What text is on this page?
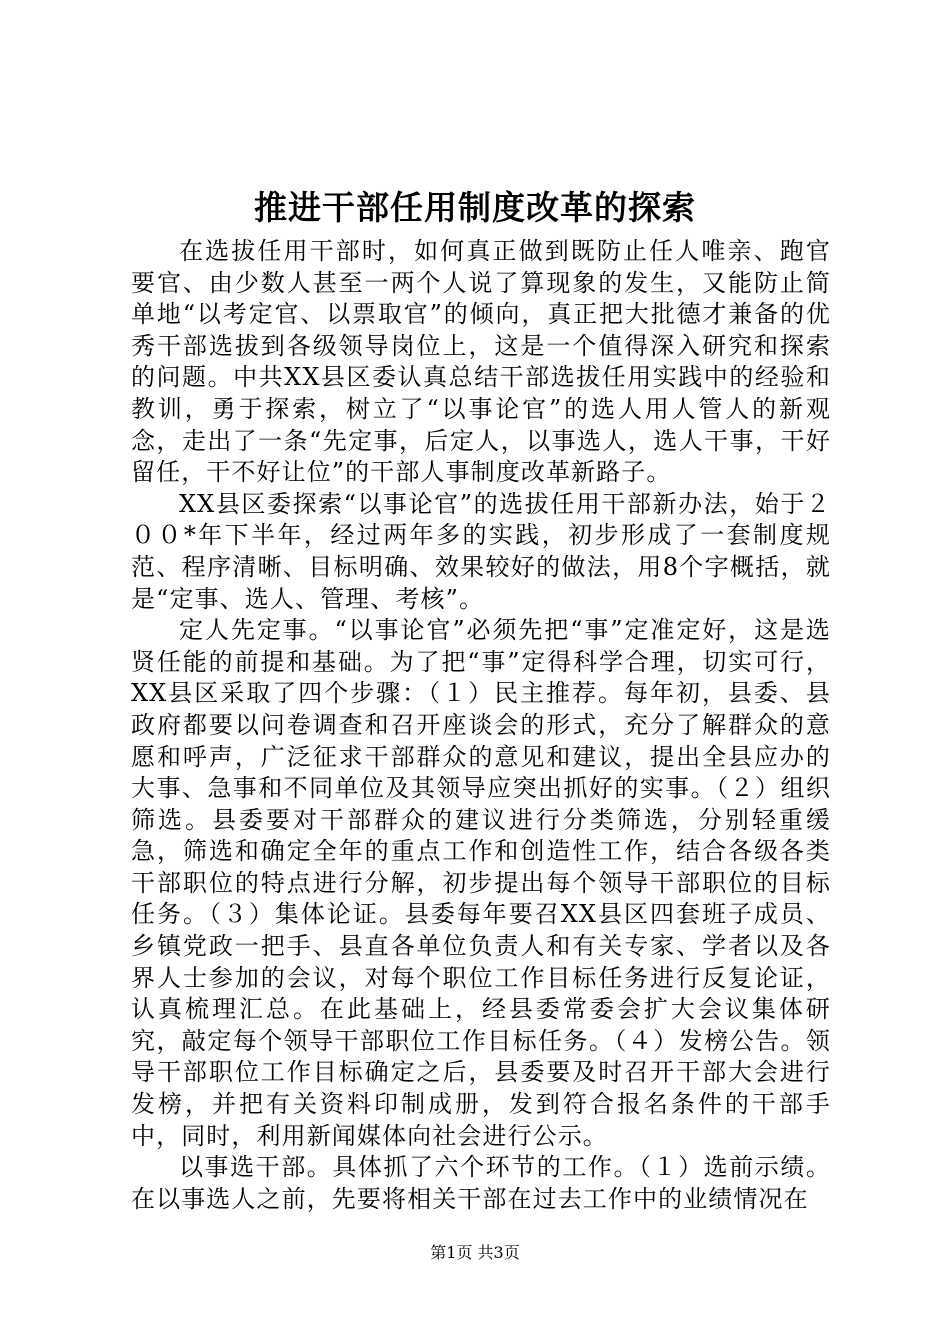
推进干部任用制度改革的探索

在选拔任用干部时，如何真正做到既防止任人唯亲、跑官要官、由少数人甚至一两个人说了算现象的发生，又能防止简单地“以考定官、以票取官”的倾向，真正把大批德才兼备的优秀干部选拔到各级领导岗位上，这是一个值得深入研究和探索的问题。中共XX县区委认真总结干部选拔任用实践中的经验和教训，勇于探索，树立了“以事论官”的选人用人管人的新观念，走出了一条“先定事，后定人，以事选人，选人干事，干好留任，干不好让位”的干部人事制度改革新路子。

XX县区委探索“以事论官”的选拔任用干部新办法，始于２００*年下半年，经过两年多的实践，初步形成了一套制度规范、程序清晰、目标明确、效果较好的做法，用8个字概括，就是“定事、选人、管理、考核”。

定人先定事。“以事论官”必须先把“事”定准定好，这是选贤任能的前提和基础。为了把“事”定得科学合理，切实可行，XX县区采取了四个步骤：（１）民主推荐。每年初，县委、县政府都要以问卷调查和召开座谈会的形式，充分了解群众的意愿和呼声，广泛征求干部群众的意见和建议，提出全县应办的大事、急事和不同单位及其领导应突出抓好的实事。（２）组织筛选。县委要对干部群众的建议进行分类筛选，分别轻重缓急，筛选和确定全年的重点工作和创造性工作，结合各级各类干部职位的特点进行分解，初步提出每个领导干部职位的目标任务。（３）集体论证。县委每年要召XX县区四套班子成员、乡镇党政一把手、县直各单位负责人和有关专家、学者以及各界人士参加的会议，对每个职位工作目标任务进行反复论证，认真梳理汇总。在此基础上，经县委常委会扩大会议集体研究，敲定每个领导干部职位工作目标任务。（４）发榜公告。领导干部职位工作目标确定之后，县委要及时召开干部大会进行发榜，并把有关资料印制成册，发到符合报名条件的干部手中，同时，利用新闻媒体向社会进行公示。

以事选干部。具体抓了六个环节的工作。（１）选前示绩。在以事选人之前，先要将相关干部在过去工作中的业绩情况在

第1页 共3页
